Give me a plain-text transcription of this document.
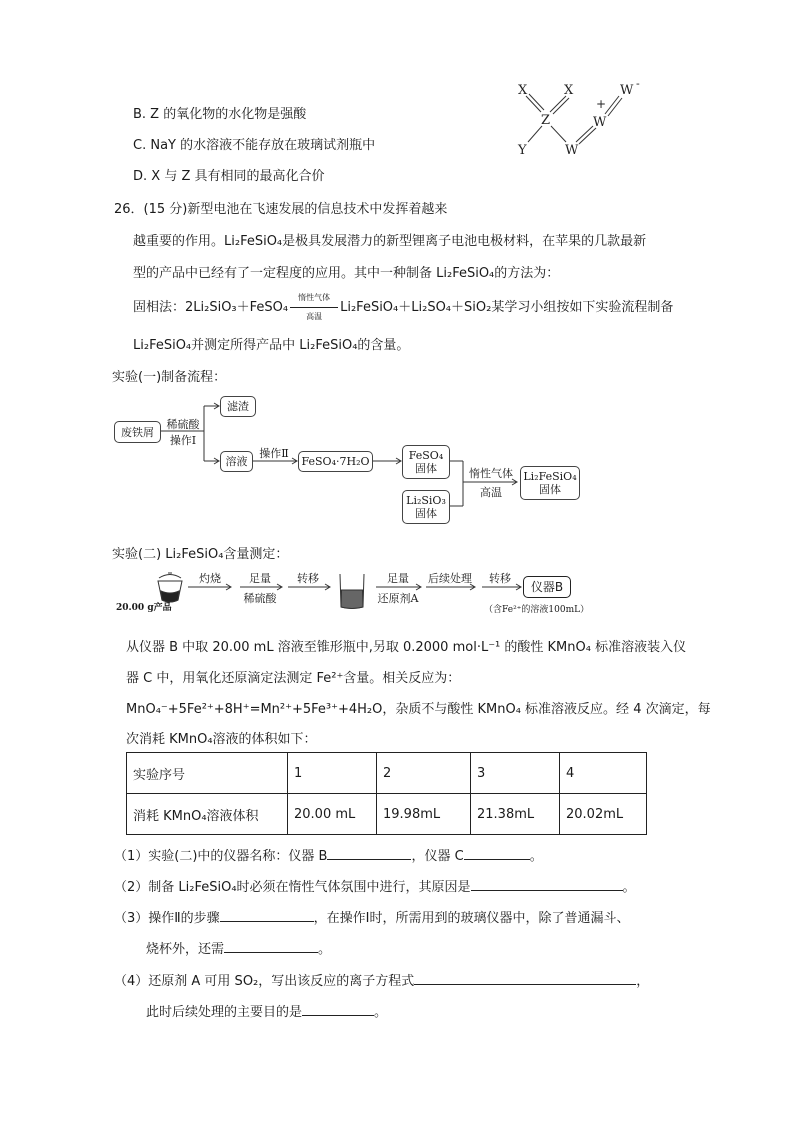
B. Z 的氧化物的水化物是强酸
C. NaY 的水溶液不能存放在玻璃试剂瓶中
D. X 与 Z 具有相同的最高化合价
X	X
Z
Y	W
W
W
+
-
26．(15 分)新型电池在飞速发展的信息技术中发挥着越来
越重要的作用。Li₂FeSiO₄是极具发展潜力的新型锂离子电池电极材料，在苹果的几款最新
型的产品中已经有了一定程度的应用。其中一种制备 Li₂FeSiO₄的方法为：
固相法：2Li₂SiO₃＋FeSO₄
惰性气体
高温
Li₂FeSiO₄＋Li₂SO₄＋SiO₂某学习小组按如下实验流程制备
Li₂FeSiO₄并测定所得产品中 Li₂FeSiO₄的含量。
实验(一)制备流程：
废铁屑
稀硫酸
操作Ⅰ
滤渣
溶液
操作Ⅱ
FeSO₄·7H₂O	FeSO₄
固体
Li₂SiO₃
固体
惰性气体
高温
Li₂FeSiO₄
固体
实验(二) Li₂FeSiO₄含量测定：
20.00 g产品
灼烧	足量
稀硫酸
转移	足量
还原剂A
后续处理	转移
仪器B
（含Fe²⁺的溶液100mL）
从仪器 B 中取 20.00 mL 溶液至锥形瓶中,另取 0.2000 mol·L⁻¹ 的酸性 KMnO₄ 标准溶液装入仪
器 C 中，用氧化还原滴定法测定 Fe²⁺含量。相关反应为：
MnO₄⁻+5Fe²⁺+8H⁺=Mn²⁺+5Fe³⁺+4H₂O，杂质不与酸性 KMnO₄ 标准溶液反应。经 4 次滴定，每
次消耗 KMnO₄溶液的体积如下：
实验序号	1	2	3	4
消耗 KMnO₄溶液体积	20.00 mL	19.98mL	21.38mL	20.02mL
（1）实验(二)中的仪器名称：仪器 B	，仪器 C	。
（2）制备 Li₂FeSiO₄时必须在惰性气体氛围中进行，其原因是	。
（3）操作Ⅱ的步骤	，在操作Ⅰ时，所需用到的玻璃仪器中，除了普通漏斗、
烧杯外，还需	。
（4）还原剂 A 可用 SO₂，写出该反应的离子方程式	，
此时后续处理的主要目的是	。
